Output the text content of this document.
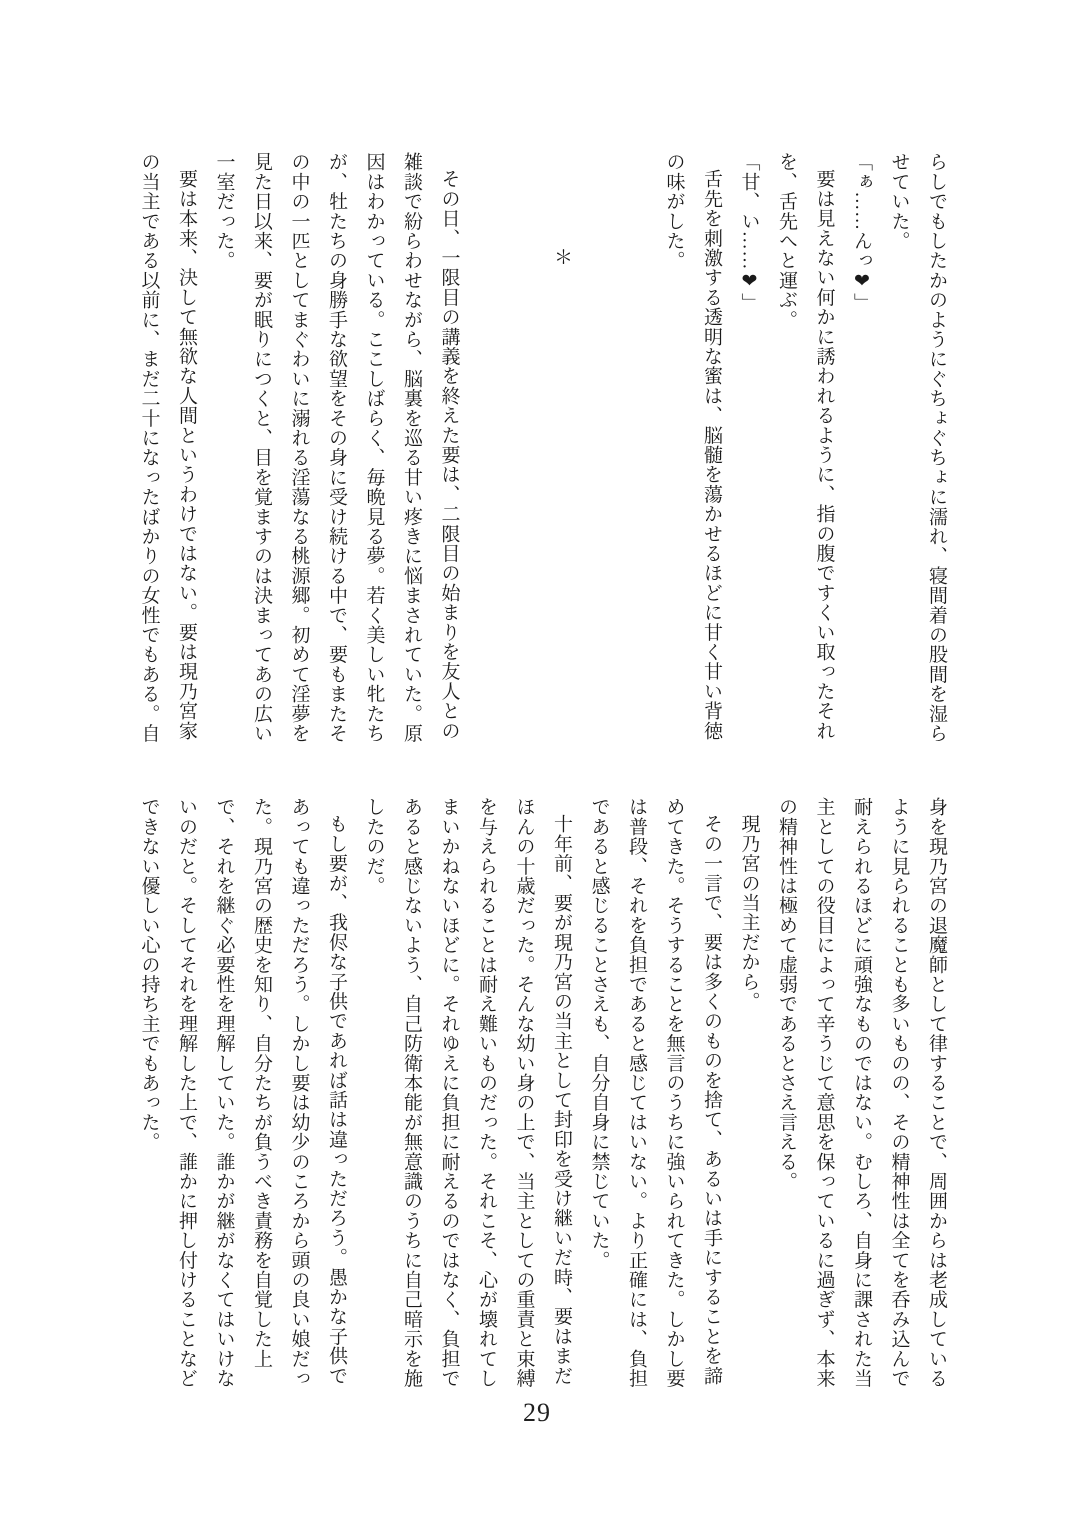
らしでもしたかのようにぐちょぐちょに濡れ、寝間着の股間を湿ら

せていた。

「ぁ……んっ❤」

要は見えない何かに誘われるように、指の腹ですくい取ったそれ

を、舌先へと運ぶ。

「甘、い……❤」

舌先を刺激する透明な蜜は、脳髄を蕩かせるほどに甘く甘い背徳

の味がした。

＊

その日、一限目の講義を終えた要は、二限目の始まりを友人との

雑談で紛らわせながら、脳裏を巡る甘い疼きに悩まされていた。原

因はわかっている。ここしばらく、毎晩見る夢。若く美しい牝たち

が、牡たちの身勝手な欲望をその身に受け続ける中で、要もまたそ

の中の一匹としてまぐわいに溺れる淫蕩なる桃源郷。初めて淫夢を

見た日以来、要が眠りにつくと、目を覚ますのは決まってあの広い

一室だった。

要は本来、決して無欲な人間というわけではない。要は現乃宮家

の当主である以前に、まだ二十になったばかりの女性でもある。自

身を現乃宮の退魔師として律することで、周囲からは老成している

ように見られることも多いものの、その精神性は全てを呑み込んで

耐えられるほどに頑強なものではない。むしろ、自身に課された当

主としての役目によって辛うじて意思を保っているに過ぎず、本来

の精神性は極めて虚弱であるとさえ言える。

現乃宮の当主だから。

その一言で、要は多くのものを捨て、あるいは手にすることを諦

めてきた。そうすることを無言のうちに強いられてきた。しかし要

は普段、それを負担であると感じてはいない。より正確には、負担

であると感じることさえも、自分自身に禁じていた。

十年前、要が現乃宮の当主として封印を受け継いだ時、要はまだ

ほんの十歳だった。そんな幼い身の上で、当主としての重責と束縛

を与えられることは耐え難いものだった。それこそ、心が壊れてし

まいかねないほどに。それゆえに負担に耐えるのではなく、負担で

あると感じないよう、自己防衛本能が無意識のうちに自己暗示を施

したのだ。

もし要が、我侭な子供であれば話は違っただろう。愚かな子供で

あっても違っただろう。しかし要は幼少のころから頭の良い娘だっ

た。現乃宮の歴史を知り、自分たちが負うべき責務を自覚した上

で、それを継ぐ必要性を理解していた。誰かが継がなくてはいけな

いのだと。そしてそれを理解した上で、誰かに押し付けることなど

できない優しい心の持ち主でもあった。

29
